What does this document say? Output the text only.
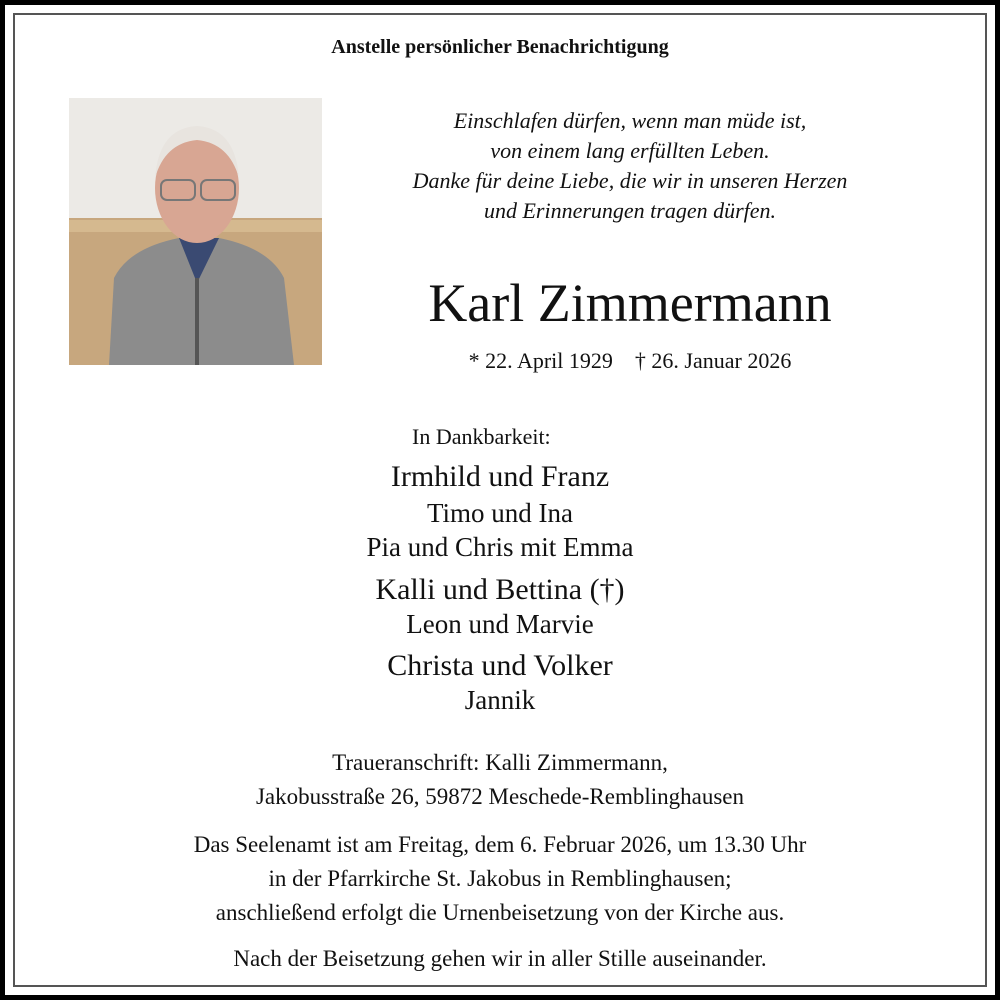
Anstelle persönlicher Benachrichtigung
Einschlafen dürfen, wenn man müde ist,
von einem lang erfüllten Leben.
Danke für deine Liebe, die wir in unseren Herzen
und Erinnerungen tragen dürfen.
Karl Zimmermann
* 22. April 1929 † 26. Januar 2026
In Dankbarkeit:
Irmhild und Franz
Timo und Ina
Pia und Chris mit Emma
Kalli und Bettina (†)
Leon und Marvie
Christa und Volker
Jannik
Traueranschrift: Kalli Zimmermann,
Jakobusstraße 26, 59872 Meschede-Remblinghausen
Das Seelenamt ist am Freitag, dem 6. Februar 2026, um 13.30 Uhr
in der Pfarrkirche St. Jakobus in Remblinghausen;
anschließend erfolgt die Urnenbeisetzung von der Kirche aus.
Nach der Beisetzung gehen wir in aller Stille auseinander.
